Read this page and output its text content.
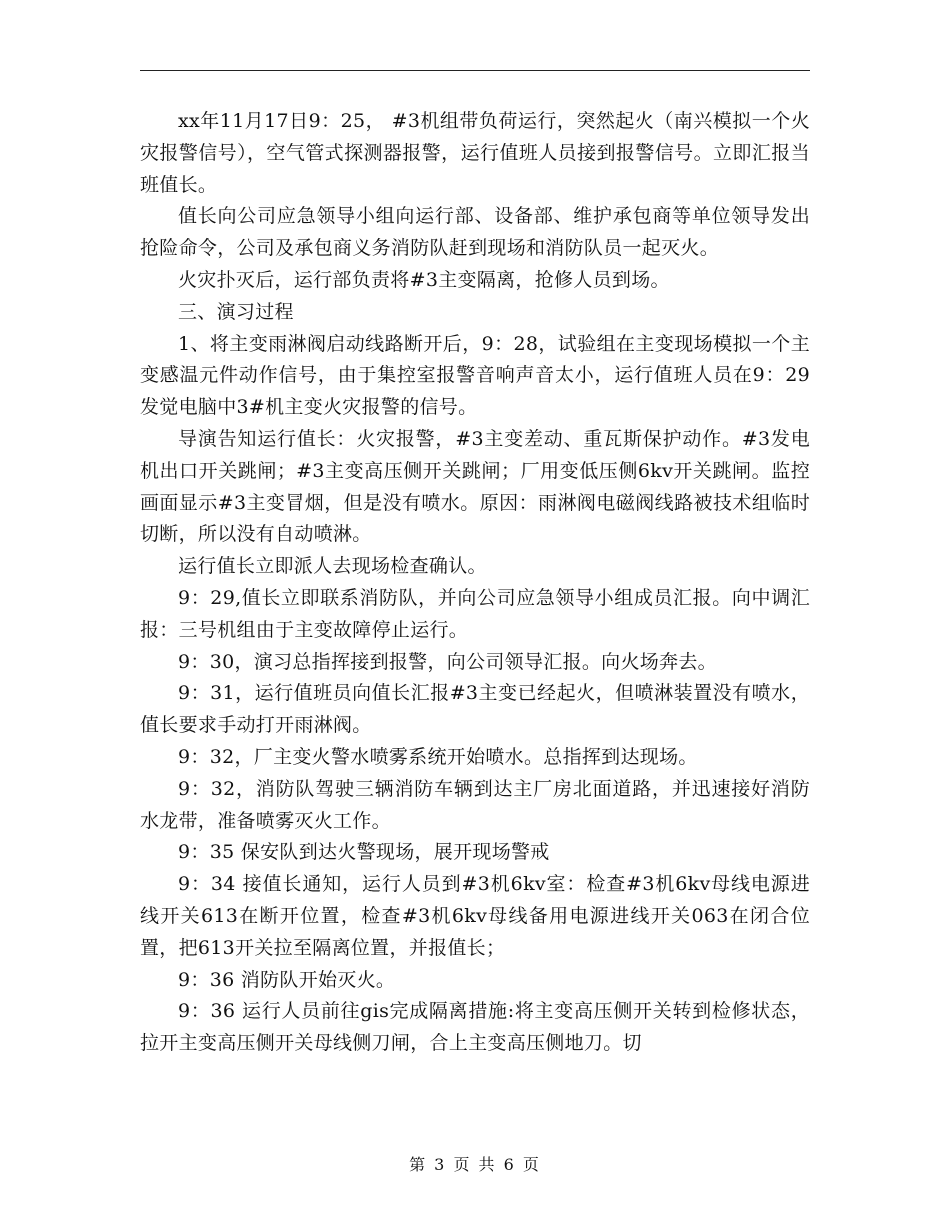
xx年11月17日9：25， #3机组带负荷运行，突然起火（南兴模拟一个火灾报警信号），空气管式探测器报警，运行值班人员接到报警信号。立即汇报当班值长。

值长向公司应急领导小组向运行部、设备部、维护承包商等单位领导发出抢险命令，公司及承包商义务消防队赶到现场和消防队员一起灭火。

火灾扑灭后，运行部负责将#3主变隔离，抢修人员到场。

三、演习过程

1、将主变雨淋阀启动线路断开后，9：28，试验组在主变现场模拟一个主变感温元件动作信号，由于集控室报警音响声音太小，运行值班人员在9：29发觉电脑中3#机主变火灾报警的信号。

导演告知运行值长：火灾报警，#3主变差动、重瓦斯保护动作。#3发电机出口开关跳闸；#3主变高压侧开关跳闸；厂用变低压侧6kv开关跳闸。监控画面显示#3主变冒烟，但是没有喷水。原因：雨淋阀电磁阀线路被技术组临时切断，所以没有自动喷淋。

运行值长立即派人去现场检查确认。

9：29,值长立即联系消防队，并向公司应急领导小组成员汇报。向中调汇报：三号机组由于主变故障停止运行。

9：30，演习总指挥接到报警，向公司领导汇报。向火场奔去。

9：31，运行值班员向值长汇报#3主变已经起火，但喷淋装置没有喷水，值长要求手动打开雨淋阀。

9：32，厂主变火警水喷雾系统开始喷水。总指挥到达现场。

9：32，消防队驾驶三辆消防车辆到达主厂房北面道路，并迅速接好消防水龙带，准备喷雾灭火工作。

9：35 保安队到达火警现场，展开现场警戒

9：34 接值长通知，运行人员到#3机6kv室：检查#3机6kv母线电源进线开关613在断开位置，检查#3机6kv母线备用电源进线开关063在闭合位置，把613开关拉至隔离位置，并报值长；

9：36 消防队开始灭火。

9：36 运行人员前往gis完成隔离措施:将主变高压侧开关转到检修状态，拉开主变高压侧开关母线侧刀闸，合上主变高压侧地刀。切

第 3 页 共 6 页
